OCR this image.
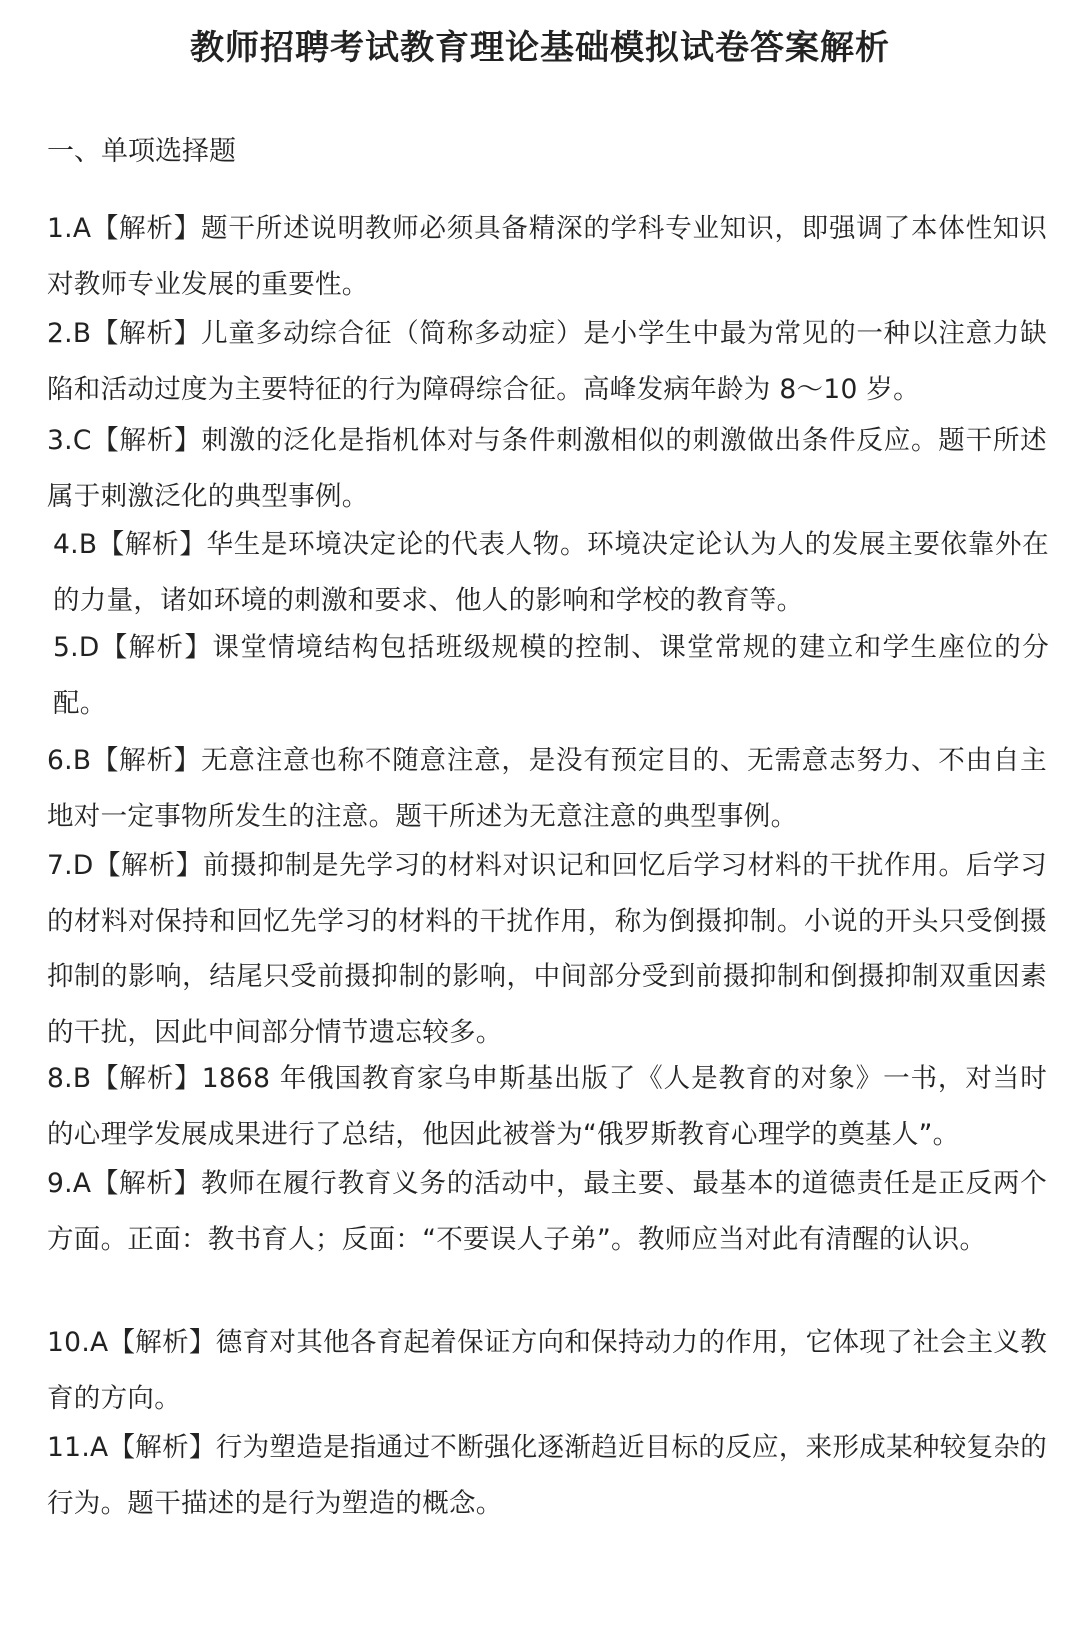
教师招聘考试教育理论基础模拟试卷答案解析
一、单项选择题
1.A【解析】题干所述说明教师必须具备精深的学科专业知识，即强调了本体性知识对教师专业发展的重要性。
2.B【解析】儿童多动综合征（简称多动症）是小学生中最为常见的一种以注意力缺陷和活动过度为主要特征的行为障碍综合征。高峰发病年龄为 8～10 岁。
3.C【解析】刺激的泛化是指机体对与条件刺激相似的刺激做出条件反应。题干所述属于刺激泛化的典型事例。
4.B【解析】华生是环境决定论的代表人物。环境决定论认为人的发展主要依靠外在的力量，诸如环境的刺激和要求、他人的影响和学校的教育等。
5.D【解析】课堂情境结构包括班级规模的控制、课堂常规的建立和学生座位的分配。
6.B【解析】无意注意也称不随意注意，是没有预定目的、无需意志努力、不由自主地对一定事物所发生的注意。题干所述为无意注意的典型事例。
7.D【解析】前摄抑制是先学习的材料对识记和回忆后学习材料的干扰作用。后学习的材料对保持和回忆先学习的材料的干扰作用，称为倒摄抑制。小说的开头只受倒摄抑制的影响，结尾只受前摄抑制的影响，中间部分受到前摄抑制和倒摄抑制双重因素的干扰，因此中间部分情节遗忘较多。
8.B【解析】1868 年俄国教育家乌申斯基出版了《人是教育的对象》一书，对当时的心理学发展成果进行了总结，他因此被誉为“俄罗斯教育心理学的奠基人”。
9.A【解析】教师在履行教育义务的活动中，最主要、最基本的道德责任是正反两个方面。正面：教书育人；反面：“不要误人子弟”。教师应当对此有清醒的认识。
10.A【解析】德育对其他各育起着保证方向和保持动力的作用，它体现了社会主义教育的方向。
11.A【解析】行为塑造是指通过不断强化逐渐趋近目标的反应，来形成某种较复杂的行为。题干描述的是行为塑造的概念。
